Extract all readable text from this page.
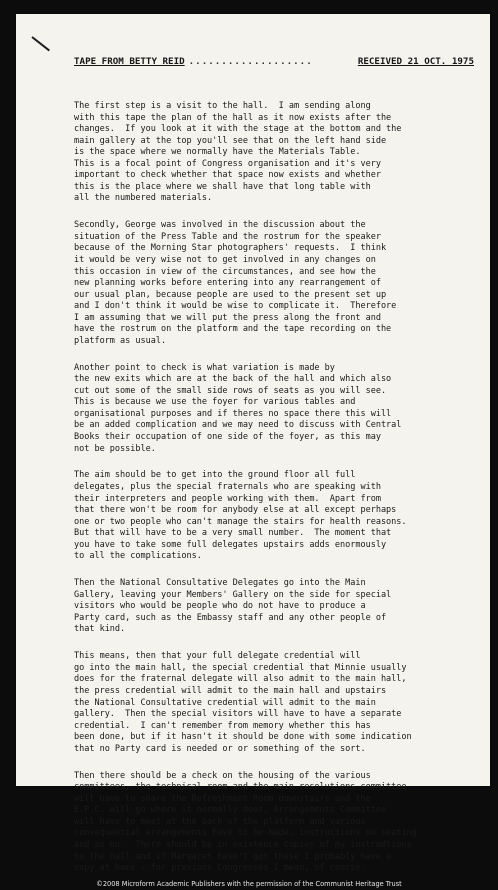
TAPE FROM BETTY REID ...................	RECEIVED 21 OCT. 1975

The first step is a visit to the hall.  I am sending along
with this tape the plan of the hall as it now exists after the
changes.  If you look at it with the stage at the bottom and the
main gallery at the top you'll see that on the left hand side
is the space where we normally have the Materials Table.
This is a focal point of Congress organisation and it's very
important to check whether that space now exists and whether
this is the place where we shall have that long table with
all the numbered materials.

Secondly, George was involved in the discussion about the
situation of the Press Table and the rostrum for the speaker
because of the Morning Star photographers' requests.  I think
it would be very wise not to get involved in any changes on
this occasion in view of the circumstances, and see how the
new planning works before entering into any rearrangement of
our usual plan, because people are used to the present set up
and I don't think it would be wise to complicate it.  Therefore
I am assuming that we will put the press along the front and
have the rostrum on the platform and the tape recording on the
platform as usual.

Another point to check is what variation is made by
the new exits which are at the back of the hall and which also
cut out some of the small side rows of seats as you will see.
This is because we use the foyer for various tables and
organisational purposes and if theres no space there this will
be an added complication and we may need to discuss with Central
Books their occupation of one side of the foyer, as this may
not be possible.

The aim should be to get into the ground floor all full
delegates, plus the special fraternals who are speaking with
their interpreters and people working with them.  Apart from
that there won't be room for anybody else at all except perhaps
one or two people who can't manage the stairs for health reasons.
But that will have to be a very small number.  The moment that
you have to take some full delegates upstairs adds enormously
to all the complications.

Then the National Consultative Delegates go into the Main
Gallery, leaving your Members' Gallery on the side for special
visitors who would be people who do not have to produce a
Party card, such as the Embassy staff and any other people of
that kind.

This means, then that your full delegate credential will
go into the main hall, the special credential that Minnie usually
does for the fraternal delegate will also admit to the main hall,
the press credential will admit to the main hall and upstairs
the National Consultative credential will admit to the main
gallery.  Then the special visitors will have to have a separate
credential.  I can't remember from memory whether this has
been done, but if it hasn't it should be done with some indication
that no Party card is needed or or something of the sort.

Then there should be a check on the housing of the various
committees, the technical room and the main resolutions committee
will have to share the Refreshment Room downstairs and the
E.P.C. will go where it normally does, Arrangements Committee
will have to meet at the back of the platform and various
consequential arrangements have to be made, instructions on seating
and so on.  There should be in existence copies of my instrudtions
to the hall and if Margaret hasn't got these I probably have a
copy at home - for previous Congresses I mean, of course.

©2008 Microform Academic Publishers with the permission of the Communist Heritage Trust
